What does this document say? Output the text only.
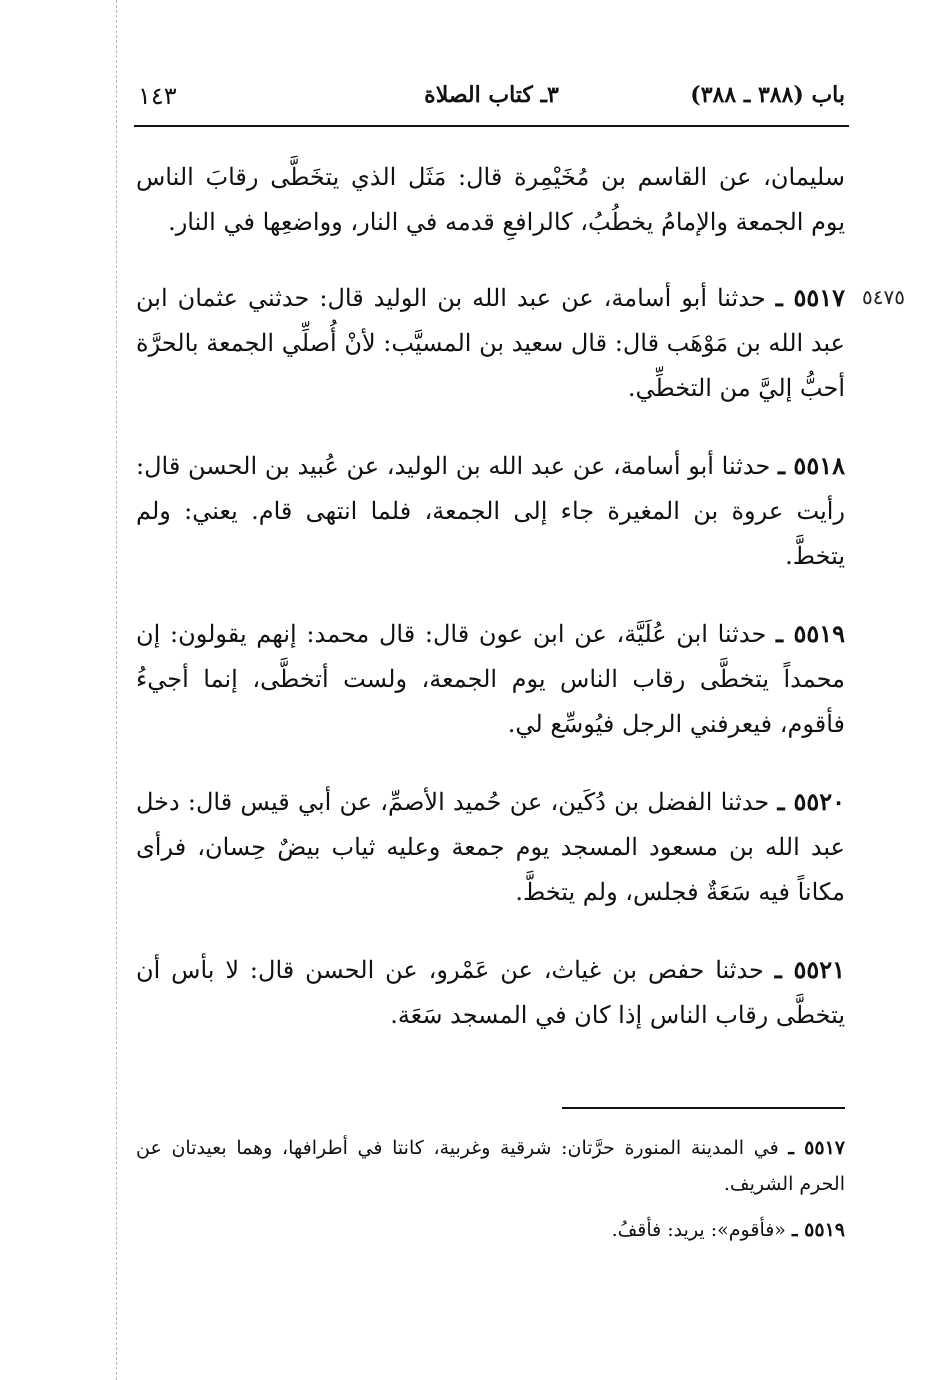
باب (٣٨٨ ـ ٣٨٨)
٣ـ كتاب الصلاة
١٤٣

سليمان، عن القاسم بن مُخَيْمِرة قال: مَثَل الذي يتخَطَّى رقابَ الناس يوم الجمعة والإمامُ يخطُبُ، كالرافعِ قدمه في النار، وواضعِها في النار.

٥٥١٧ ـ حدثنا أبو أسامة، عن عبد الله بن الوليد قال: حدثني عثمان ابن عبد الله بن مَوْهَب قال: قال سعيد بن المسيَّب: لأنْ أُصلِّي الجمعة بالحرَّة أحبُّ إليَّ من التخطِّي.

٥٥١٨ ـ حدثنا أبو أسامة، عن عبد الله بن الوليد، عن عُبيد بن الحسن قال: رأيت عروة بن المغيرة جاء إلى الجمعة، فلما انتهى قام. يعني: ولم يتخطَّ.

٥٥١٩ ـ حدثنا ابن عُلَيَّة، عن ابن عون قال: قال محمد: إنهم يقولون: إن محمداً يتخطَّى رقاب الناس يوم الجمعة، ولست أتخطَّى، إنما أجيءُ فأقوم، فيعرفني الرجل فيُوسِّع لي.

٥٥٢٠ ـ حدثنا الفضل بن دُكَين، عن حُميد الأصمِّ، عن أبي قيس قال: دخل عبد الله بن مسعود المسجد يوم جمعة وعليه ثياب بيضٌ حِسان، فرأى مكاناً فيه سَعَةٌ فجلس، ولم يتخطَّ.

٥٥٢١ ـ حدثنا حفص بن غياث، عن عَمْرو، عن الحسن قال: لا بأس أن يتخطَّى رقاب الناس إذا كان في المسجد سَعَة.

٥٤٧٥

٥٥١٧ ـ في المدينة المنورة حرَّتان: شرقية وغربية، كانتا في أطرافها، وهما بعيدتان عن الحرم الشريف.

٥٥١٩ ـ «فأقوم»: يريد: فأقفُ.
